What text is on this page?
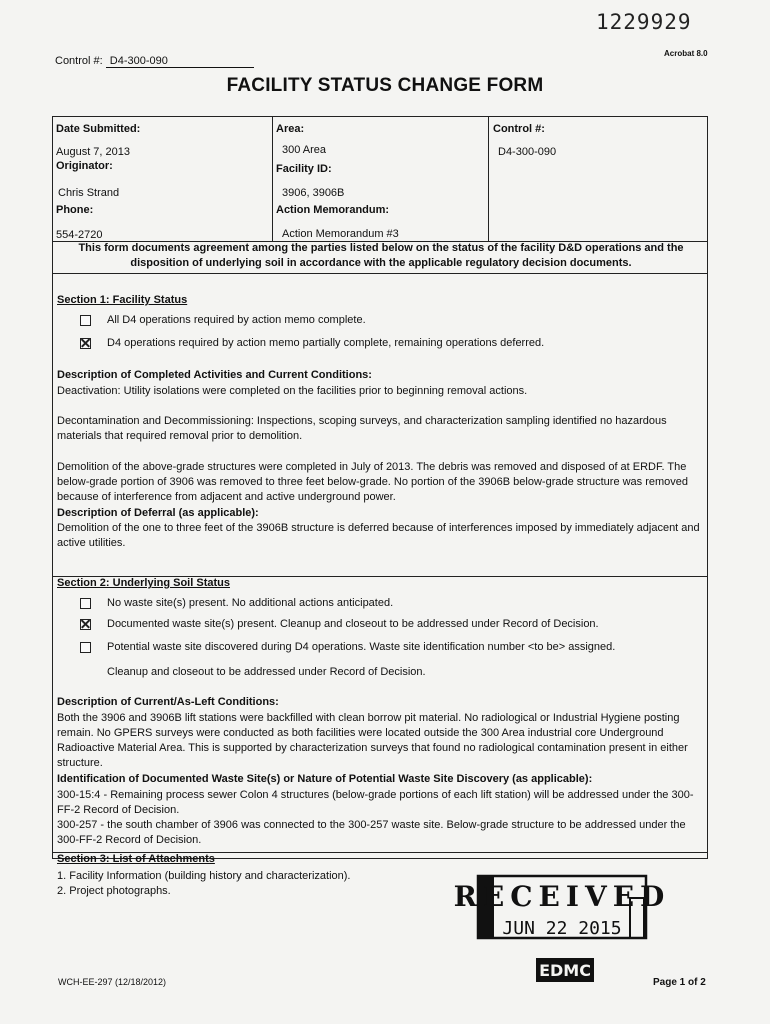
1229929
Acrobat 8.0
Control #: D4-300-090
FACILITY STATUS CHANGE FORM
Date Submitted:
August 7, 2013
Originator:
Chris Strand
Phone:
554-2720
Area:
300 Area
Facility ID:
3906, 3906B
Action Memorandum:
Action Memorandum #3
Control #:
D4-300-090
This form documents agreement among the parties listed below on the status of the facility D&D operations and the disposition of underlying soil in accordance with the applicable regulatory decision documents.
Section 1: Facility Status
All D4 operations required by action memo complete.
D4 operations required by action memo partially complete, remaining operations deferred.
Description of Completed Activities and Current Conditions:
Deactivation: Utility isolations were completed on the facilities prior to beginning removal actions.
Decontamination and Decommissioning: Inspections, scoping surveys, and characterization sampling identified no hazardous materials that required removal prior to demolition.
Demolition of the above-grade structures were completed in July of 2013. The debris was removed and disposed of at ERDF. The below-grade portion of 3906 was removed to three feet below-grade. No portion of the 3906B below-grade structure was removed because of interference from adjacent and active underground power.
Description of Deferral (as applicable):
Demolition of the one to three feet of the 3906B structure is deferred because of interferences imposed by immediately adjacent and active utilities.
Section 2: Underlying Soil Status
No waste site(s) present. No additional actions anticipated.
Documented waste site(s) present. Cleanup and closeout to be addressed under Record of Decision.
Potential waste site discovered during D4 operations. Waste site identification number <to be> assigned.
Cleanup and closeout to be addressed under Record of Decision.
Description of Current/As-Left Conditions:
Both the 3906 and 3906B lift stations were backfilled with clean borrow pit material. No radiological or Industrial Hygiene posting remain. No GPERS surveys were conducted as both facilities were located outside the 300 Area industrial core Underground Radioactive Material Area. This is supported by characterization surveys that found no radiological contamination present in either structure.
Identification of Documented Waste Site(s) or Nature of Potential Waste Site Discovery (as applicable):
300-15:4 - Remaining process sewer Colon 4 structures (below-grade portions of each lift station) will be addressed under the 300-FF-2 Record of Decision.
300-257 - the south chamber of 3906 was connected to the 300-257 waste site. Below-grade structure to be addressed under the 300-FF-2 Record of Decision.
Section 3: List of Attachments
1. Facility Information (building history and characterization).
2. Project photographs.	RECEIVED
JUN 22 2015
EDMC
WCH-EE-297 (12/18/2012)	Page 1 of 2
